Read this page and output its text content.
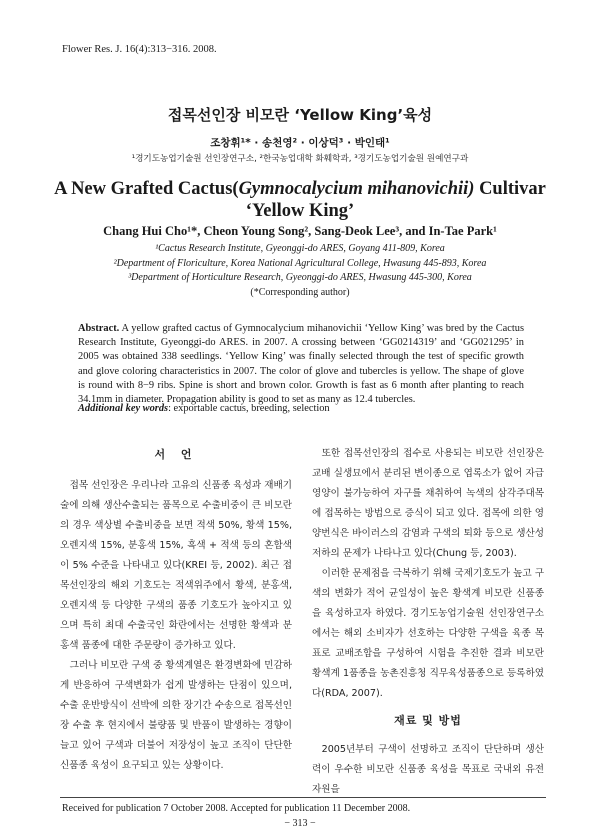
Flower Res. J. 16(4):313−316. 2008.
접목선인장 비모란 ‘Yellow King’육성
조창휘¹* · 송천영² · 이상덕³ · 박인태¹
¹경기도농업기술원 선인장연구소, ²한국농업대학 화훼학과, ³경기도농업기술원 원예연구과
A New Grafted Cactus(Gymnocalycium mihanovichii) Cultivar
‘Yellow King’
Chang Hui Cho¹*, Cheon Young Song², Sang-Deok Lee³, and In-Tae Park¹
¹Cactus Research Institute, Gyeonggi-do ARES, Goyang 411-809, Korea
²Department of Floriculture, Korea National Agricultural College, Hwasung 445-893, Korea
³Department of Horticulture Research, Gyeonggi-do ARES, Hwasung 445-300, Korea
(*Corresponding author)
Abstract. A yellow grafted cactus of Gymnocalycium mihanovichii ‘Yellow King’ was bred by the Cactus Research Institute, Gyeonggi-do ARES. in 2007. A crossing between ‘GG0214319’ and ‘GG021295’ in 2005 was obtained 338 seedlings. ‘Yellow King’ was finally selected through the test of specific growth and glove coloring characteristics in 2007. The color of glove and tubercles is yellow. The shape of glove is round with 8−9 ribs. Spine is short and brown color. Growth is fast as 6 month after planting to reach 34.1mm in diameter. Propagation ability is good to set as many as 12.4 tubercles.
Additional key words: exportable cactus, breeding, selection
서 언

접목 선인장은 우리나라 고유의 신품종 육성과 재배기술에 의해 생산수출되는 품목으로 수출비중이 큰 비모란의 경우 색상별 수출비중을 보면 적색 50%, 황색 15%, 오렌지색 15%, 분홍색 15%, 흑색 + 적색 등의 혼합색이 5% 수준을 나타내고 있다(KREI 등, 2002). 최근 접목선인장의 해외 기호도는 적색위주에서 황색, 분홍색, 오렌지색 등 다양한 구색의 품종 기호도가 높아지고 있으며 특히 최대 수출국인 화란에서는 선명한 황색과 분홍색 품종에 대한 주문량이 증가하고 있다.

그러나 비모란 구색 중 황색계열은 환경변화에 민감하게 반응하여 구색변화가 쉽게 발생하는 단점이 있으며, 수출 운반방식이 선박에 의한 장기간 수송으로 접목선인장 수출 후 현지에서 불량품 및 반품이 발생하는 경향이 늘고 있어 구색과 더불어 저장성이 높고 조직이 단단한 신품종 육성이 요구되고 있는 상황이다.

또한 접목선인장의 접수로 사용되는 비모란 선인장은 교배 실생묘에서 분리된 변이종으로 엽록소가 없어 자급영양이 불가능하여 자구를 채취하여 녹색의 삼각주대목에 접목하는 방법으로 증식이 되고 있다. 접목에 의한 영양번식은 바이러스의 감염과 구색의 퇴화 등으로 생산성 저하의 문제가 나타나고 있다(Chung 등, 2003).

이러한 문제점을 극복하기 위해 국제기호도가 높고 구색의 변화가 적어 균일성이 높은 황색계 비모란 신품종을 육성하고자 하였다. 경기도농업기술원 선인장연구소에서는 해외 소비자가 선호하는 다양한 구색을 육종 목표로 교배조합을 구성하여 시험을 추진한 결과 비모란 황색계 1품종을 농촌진흥청 직무육성품종으로 등록하였다(RDA, 2007).

재료 및 방법

2005년부터 구색이 선명하고 조직이 단단하며 생산력이 우수한 비모란 신품종 육성을 목표로 국내외 유전자원을

Received for publication 7 October 2008. Accepted for publication 11 December 2008.
− 313 −
